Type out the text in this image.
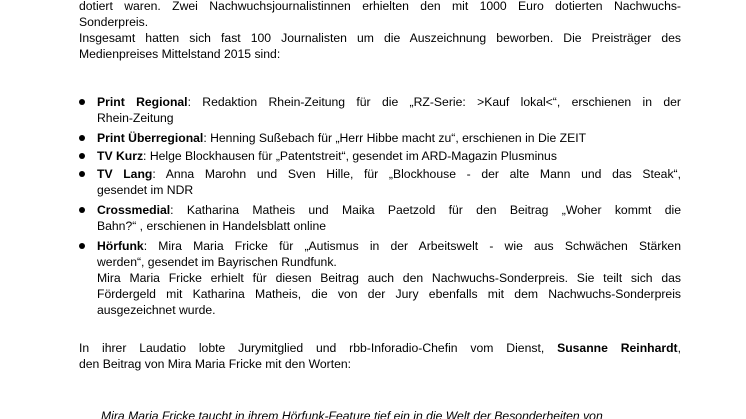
dotiert waren. Zwei Nachwuchsjournalistinnen erhielten den mit 1000 Euro dotierten Nachwuchs-
Sonderpreis.
Insgesamt hatten sich fast 100 Journalisten um die Auszeichnung beworben. Die Preisträger des
Medienpreises Mittelstand 2015 sind:
Print Regional: Redaktion Rhein-Zeitung für die „RZ-Serie: >Kauf lokal<“, erschienen in der
Rhein-Zeitung
Print Überregional: Henning Sußebach für „Herr Hibbe macht zu“, erschienen in Die ZEIT
TV Kurz: Helge Blockhausen für „Patentstreit“, gesendet im ARD-Magazin Plusminus
TV Lang: Anna Marohn und Sven Hille, für „Blockhouse - der alte Mann und das Steak“,
gesendet im NDR
Crossmedial: Katharina Matheis und Maika Paetzold für den Beitrag „Woher kommt die
Bahn?“ , erschienen in Handelsblatt online
Hörfunk: Mira Maria Fricke für „Autismus in der Arbeitswelt - wie aus Schwächen Stärken
werden“, gesendet im Bayrischen Rundfunk.
Mira Maria Fricke erhielt für diesen Beitrag auch den Nachwuchs-Sonderpreis. Sie teilt sich das
Fördergeld mit Katharina Matheis, die von der Jury ebenfalls mit dem Nachwuchs-Sonderpreis
ausgezeichnet wurde.
In ihrer Laudatio lobte Jurymitglied und rbb-Inforadio-Chefin vom Dienst, Susanne Reinhardt,
den Beitrag von Mira Maria Fricke mit den Worten:
Mira Maria Fricke taucht in ihrem Hörfunk-Feature tief ein in die Welt der Besonderheiten von
